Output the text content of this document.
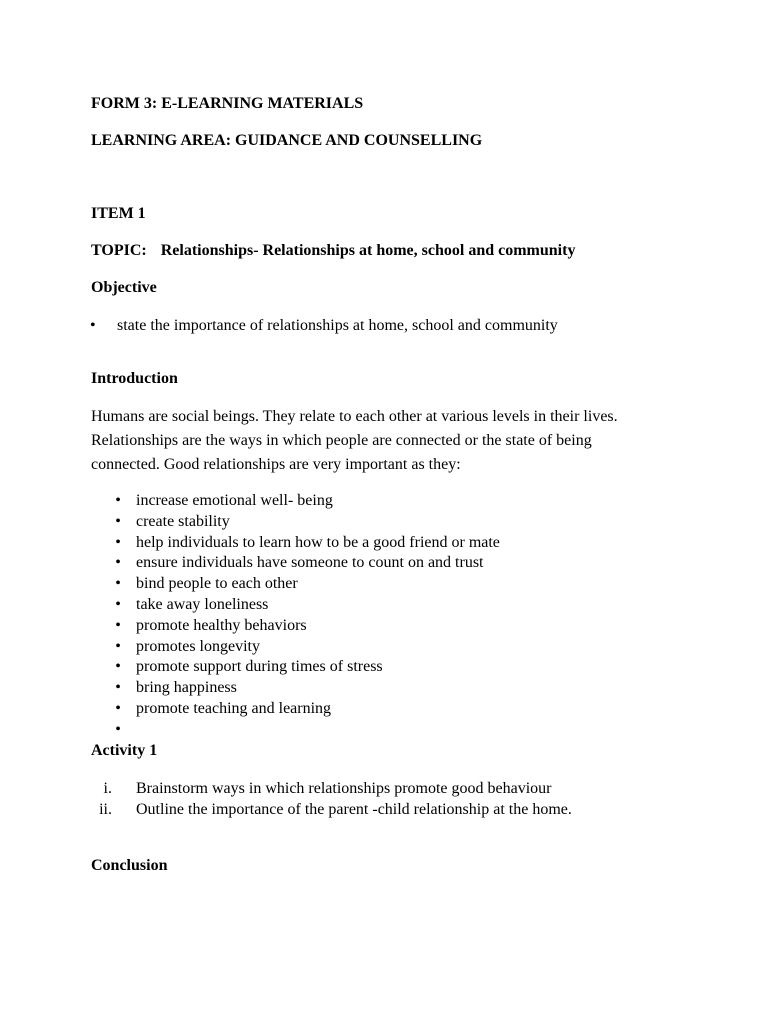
FORM 3: E-LEARNING MATERIALS
LEARNING AREA: GUIDANCE AND COUNSELLING
ITEM 1
TOPIC: Relationships- Relationships at home, school and community
Objective
• state the importance of relationships at home, school and community
Introduction
Humans are social beings. They relate to each other at various levels in their lives.
Relationships are the ways in which people are connected or the state of being
connected. Good relationships are very important as they:
• increase emotional well- being
• create stability
• help individuals to learn how to be a good friend or mate
• ensure individuals have someone to count on and trust
• bind people to each other
• take away loneliness
• promote healthy behaviors
• promotes longevity
• promote support during times of stress
• bring happiness
• promote teaching and learning
•
Activity 1
i. Brainstorm ways in which relationships promote good behaviour
ii. Outline the importance of the parent -child relationship at the home.
Conclusion
